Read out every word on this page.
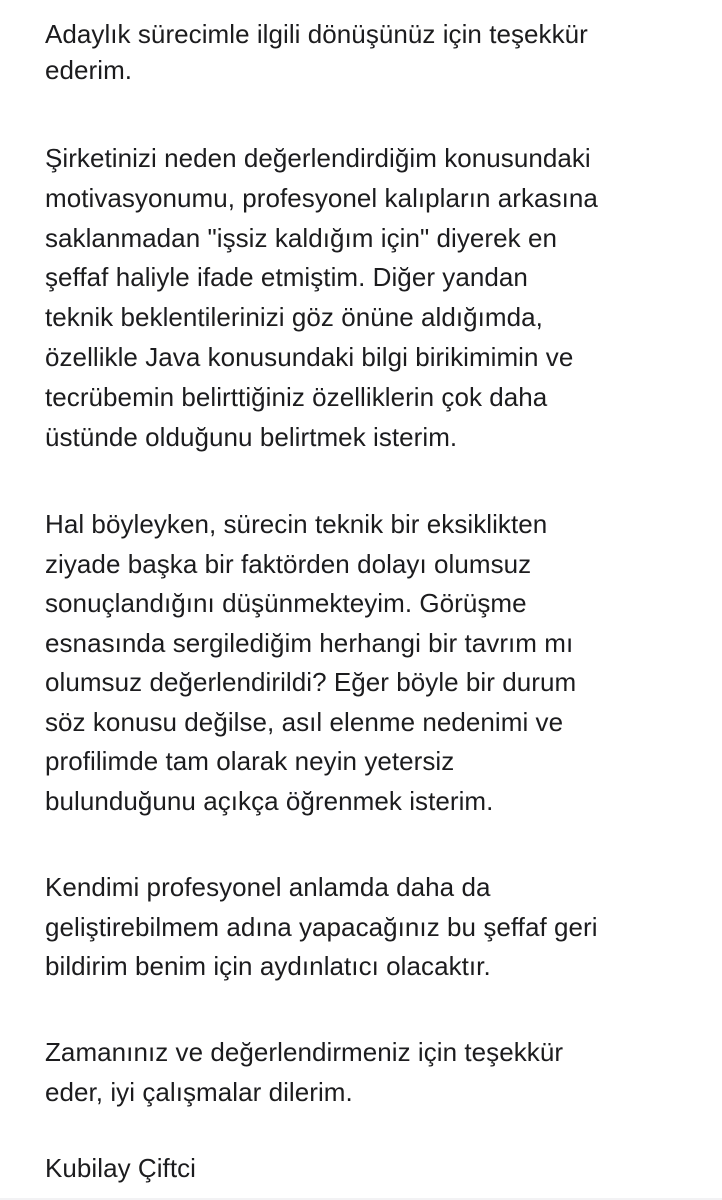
Adaylık sürecimle ilgili dönüşünüz için teşekkür
ederim.
Şirketinizi neden değerlendirdiğim konusundaki
motivasyonumu, profesyonel kalıpların arkasına
saklanmadan "işsiz kaldığım için" diyerek en
şeffaf haliyle ifade etmiştim. Diğer yandan
teknik beklentilerinizi göz önüne aldığımda,
özellikle Java konusundaki bilgi birikimimin ve
tecrübemin belirttiğiniz özelliklerin çok daha
üstünde olduğunu belirtmek isterim.
Hal böyleyken, sürecin teknik bir eksiklikten
ziyade başka bir faktörden dolayı olumsuz
sonuçlandığını düşünmekteyim. Görüşme
esnasında sergilediğim herhangi bir tavrım mı
olumsuz değerlendirildi? Eğer böyle bir durum
söz konusu değilse, asıl elenme nedenimi ve
profilimde tam olarak neyin yetersiz
bulunduğunu açıkça öğrenmek isterim.
Kendimi profesyonel anlamda daha da
geliştirebilmem adına yapacağınız bu şeffaf geri
bildirim benim için aydınlatıcı olacaktır.
Zamanınız ve değerlendirmeniz için teşekkür
eder, iyi çalışmalar dilerim.
Kubilay Çiftci
